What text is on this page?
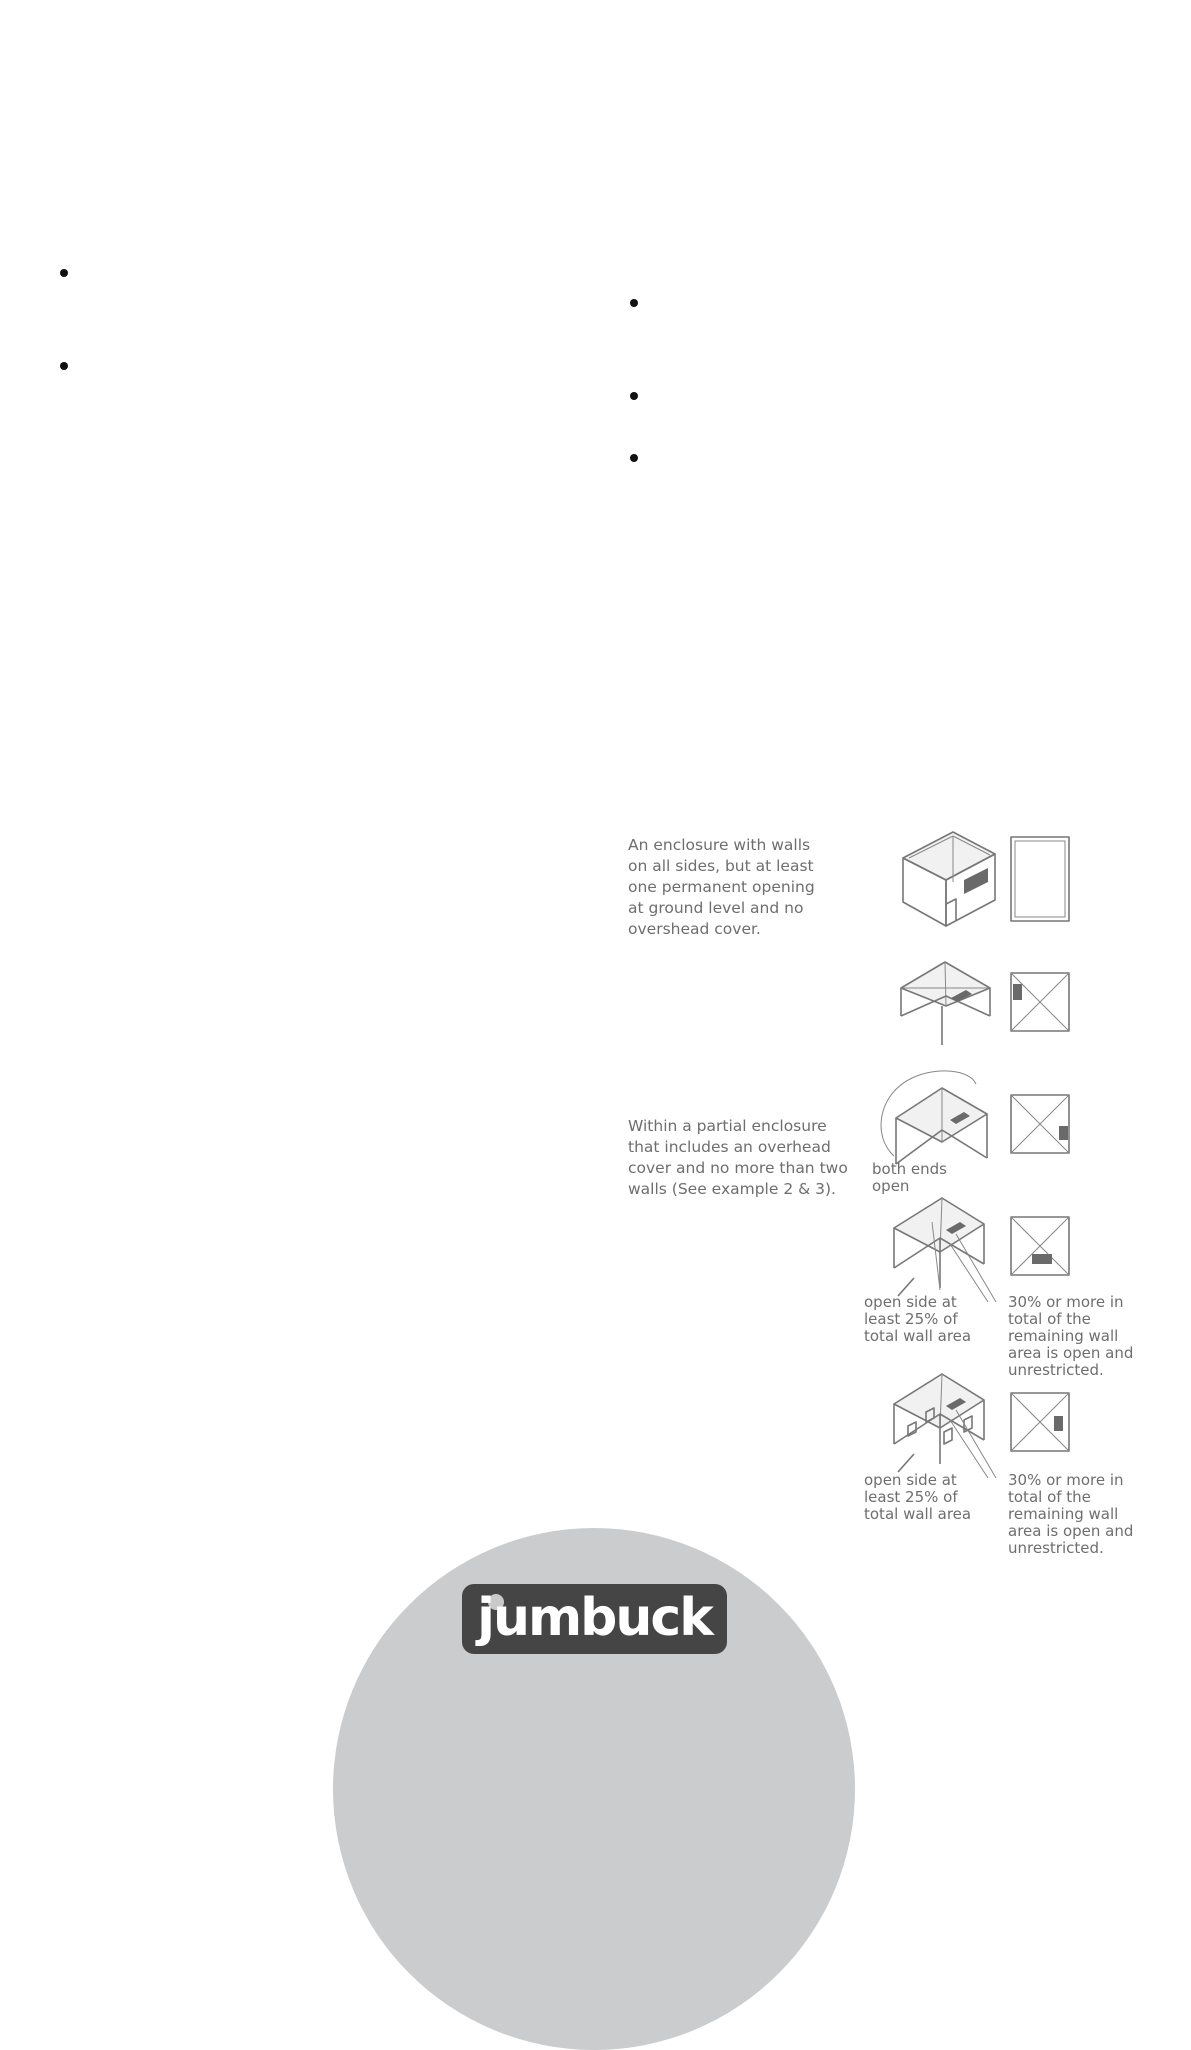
An enclosure with walls
on all sides, but at least
one permanent opening
at ground level and no
overshead cover.
Within a partial enclosure
that includes an overhead
cover and no more than two
walls (See example 2 & 3).
both ends
open
open side at
least 25% of
total wall area
30% or more in
total of the
remaining wall
area is open and
unrestricted.
open side at
least 25% of
total wall area
30% or more in
total of the
remaining wall
area is open and
unrestricted.
jumbuck
